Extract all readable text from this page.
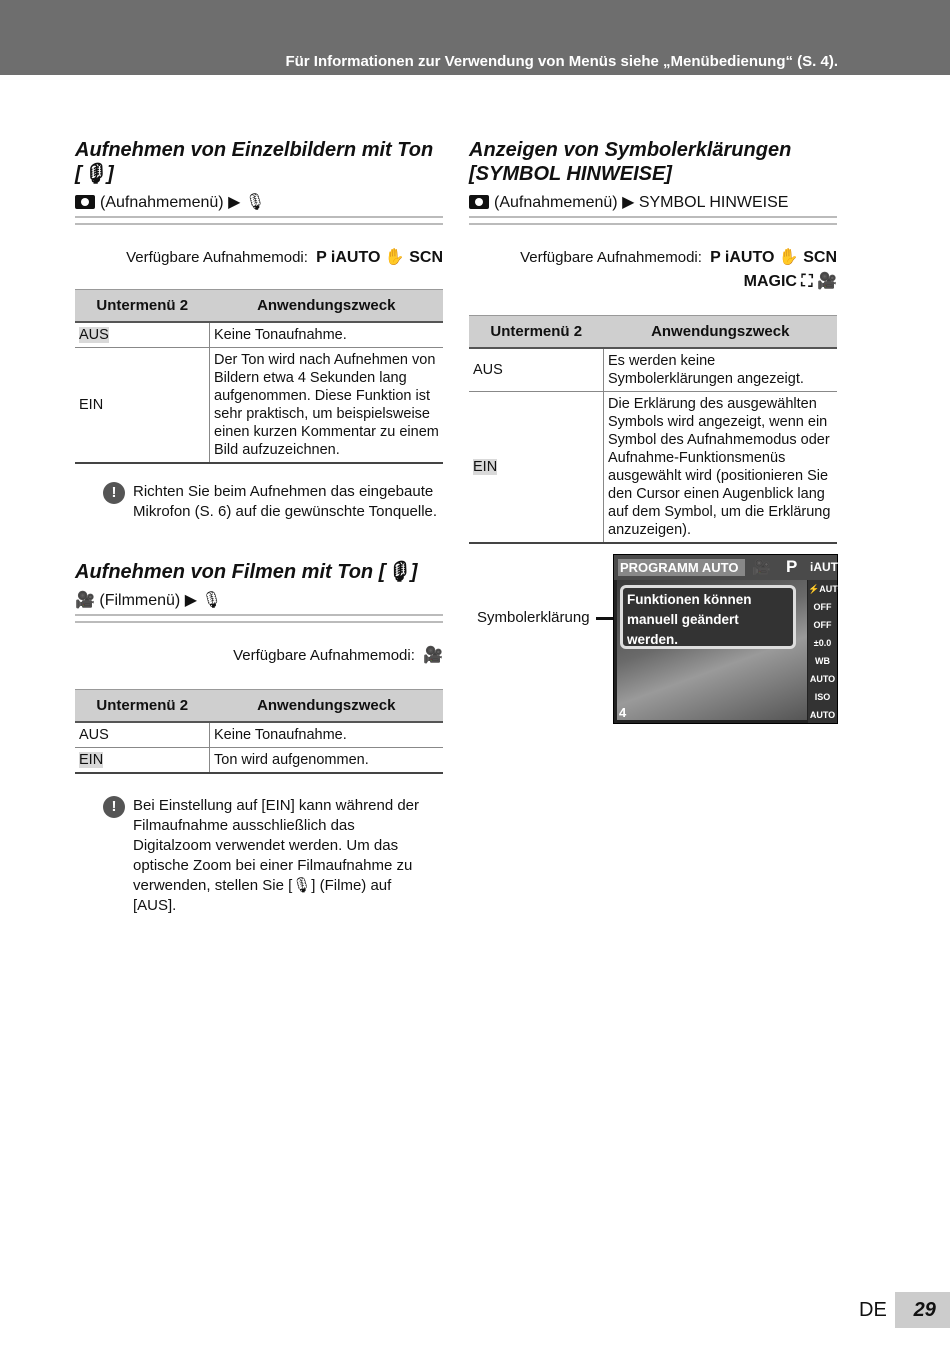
Für Informationen zur Verwendung von Menüs siehe „Menübedienung“ (S. 4).
Aufnehmen von Einzelbildern mit Ton [🎙]
(Aufnahmemenü) ▶ 🎙
Verfügbare Aufnahmemodi: P iAUTO ✋ SCN
Untermenü 2	Anwendungszweck
AUS	Keine Tonaufnahme.
EIN	Der Ton wird nach Aufnehmen von Bildern etwa 4 Sekunden lang aufgenommen. Diese Funktion ist sehr praktisch, um beispielsweise einen kurzen Kommentar zu einem Bild aufzuzeichnen.
!	Richten Sie beim Aufnehmen das eingebaute Mikrofon (S. 6) auf die gewünschte Tonquelle.
Aufnehmen von Filmen mit Ton [🎙]
🎥 (Filmmenü) ▶ 🎙
Verfügbare Aufnahmemodi: 🎥
Untermenü 2	Anwendungszweck
AUS	Keine Tonaufnahme.
EIN	Ton wird aufgenommen.
!	Bei Einstellung auf [EIN] kann während der Filmaufnahme ausschließlich das Digitalzoom verwendet werden. Um das optische Zoom bei einer Filmaufnahme zu verwenden, stellen Sie [🎙] (Filme) auf [AUS].
Anzeigen von Symbolerklärungen [SYMBOL HINWEISE]
(Aufnahmemenü) ▶ SYMBOL HINWEISE
Verfügbare Aufnahmemodi: P iAUTO ✋ SCN
MAGIC ⛶ 🎥
Untermenü 2	Anwendungszweck
AUS	Es werden keine Symbolerklärungen angezeigt.
EIN	Die Erklärung des ausgewählten Symbols wird angezeigt, wenn ein Symbol des Aufnahmemodus oder Aufnahme-Funktionsmenüs ausgewählt wird (positionieren Sie den Cursor einen Augenblick lang auf dem Symbol, um die Erklärung anzuzeigen).
Symbolerklärung
PROGRAMM AUTO 🎥 P iAUTO
Funktionen können manuell geändert werden.
⚡AUTO
OFF
OFF
±0.0
WB AUTO
ISO AUTO
14M
»
4
DE	29
